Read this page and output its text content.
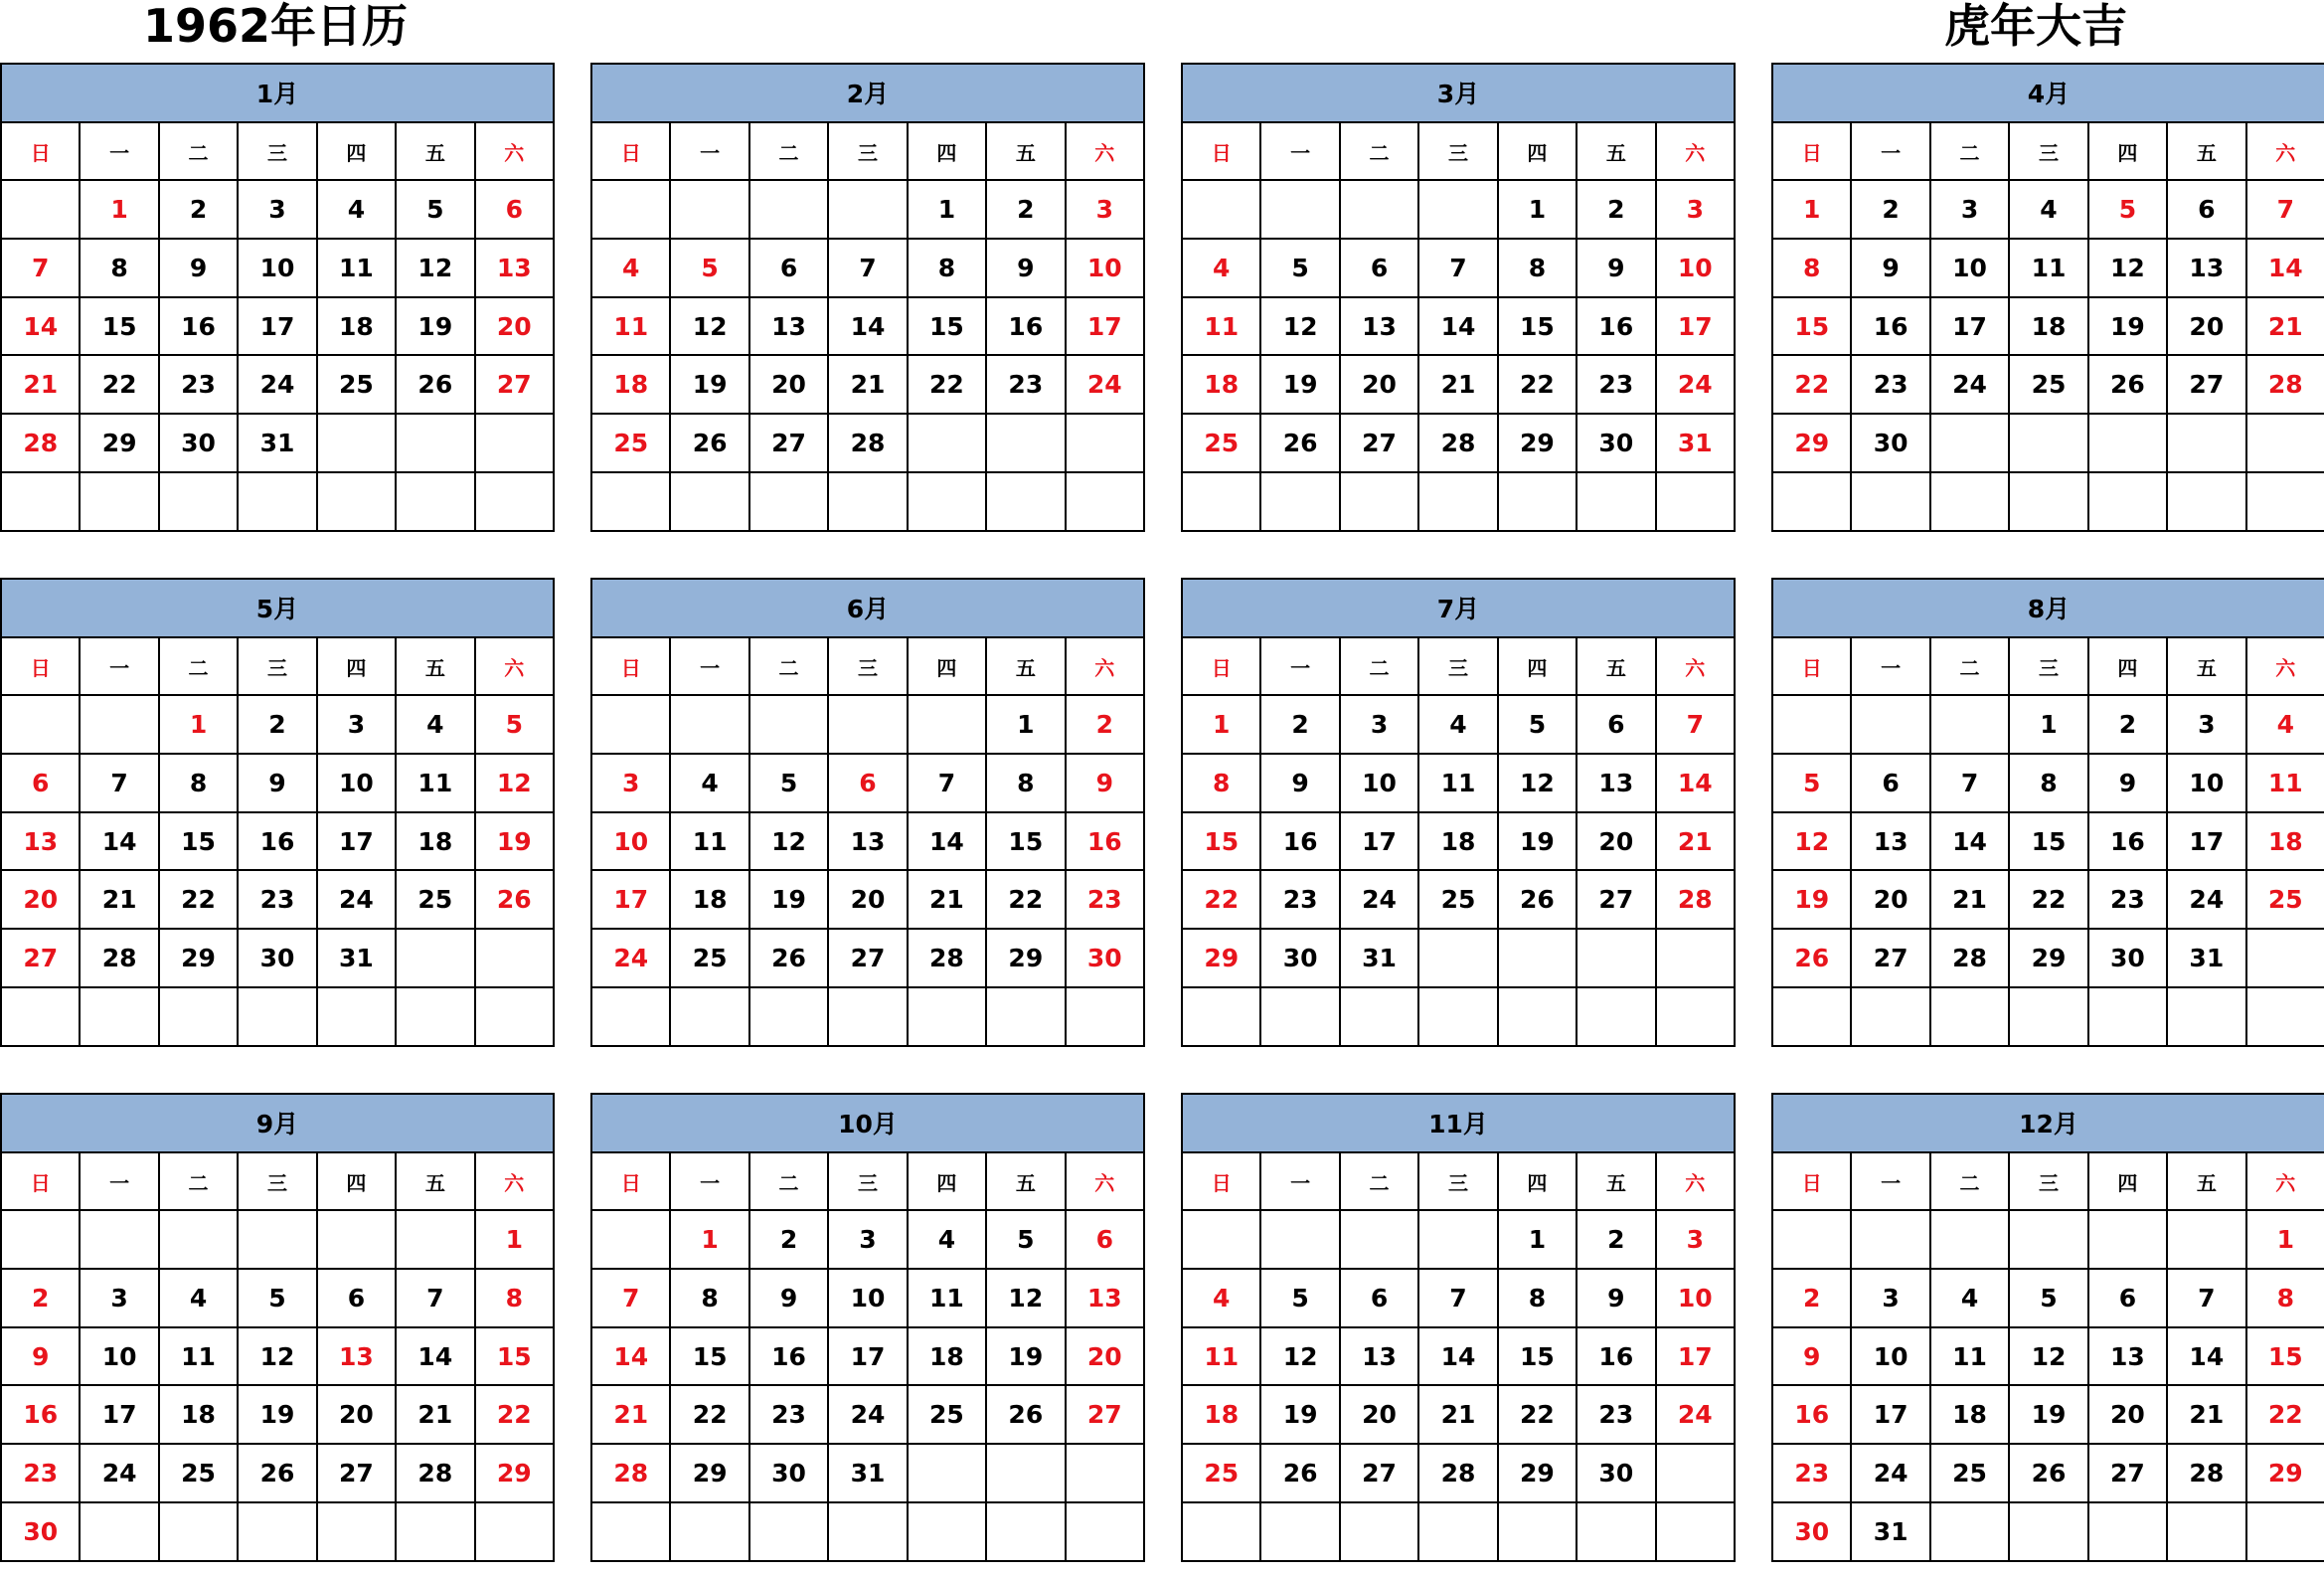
1962年日历	虎年大吉
1月						
日	一	二	三	四	五	六
	1	2	3	4	5	6
7	8	9	10	11	12	13
14	15	16	17	18	19	20
21	22	23	24	25	26	27
28	29	30	31			

2月						
日	一	二	三	四	五	六
				1	2	3
4	5	6	7	8	9	10
11	12	13	14	15	16	17
18	19	20	21	22	23	24
25	26	27	28			

3月						
日	一	二	三	四	五	六
				1	2	3
4	5	6	7	8	9	10
11	12	13	14	15	16	17
18	19	20	21	22	23	24
25	26	27	28	29	30	31

4月						
日	一	二	三	四	五	六
1	2	3	4	5	6	7
8	9	10	11	12	13	14
15	16	17	18	19	20	21
22	23	24	25	26	27	28
29	30					

5月						
日	一	二	三	四	五	六
		1	2	3	4	5
6	7	8	9	10	11	12
13	14	15	16	17	18	19
20	21	22	23	24	25	26
27	28	29	30	31		

6月						
日	一	二	三	四	五	六
					1	2
3	4	5	6	7	8	9
10	11	12	13	14	15	16
17	18	19	20	21	22	23
24	25	26	27	28	29	30

7月						
日	一	二	三	四	五	六
1	2	3	4	5	6	7
8	9	10	11	12	13	14
15	16	17	18	19	20	21
22	23	24	25	26	27	28
29	30	31				

8月						
日	一	二	三	四	五	六
			1	2	3	4
5	6	7	8	9	10	11
12	13	14	15	16	17	18
19	20	21	22	23	24	25
26	27	28	29	30	31	

9月						
日	一	二	三	四	五	六
						1
2	3	4	5	6	7	8
9	10	11	12	13	14	15
16	17	18	19	20	21	22
23	24	25	26	27	28	29
30						
10月						
日	一	二	三	四	五	六
	1	2	3	4	5	6
7	8	9	10	11	12	13
14	15	16	17	18	19	20
21	22	23	24	25	26	27
28	29	30	31			

11月						
日	一	二	三	四	五	六
				1	2	3
4	5	6	7	8	9	10
11	12	13	14	15	16	17
18	19	20	21	22	23	24
25	26	27	28	29	30	

12月						
日	一	二	三	四	五	六
						1
2	3	4	5	6	7	8
9	10	11	12	13	14	15
16	17	18	19	20	21	22
23	24	25	26	27	28	29
30	31					
